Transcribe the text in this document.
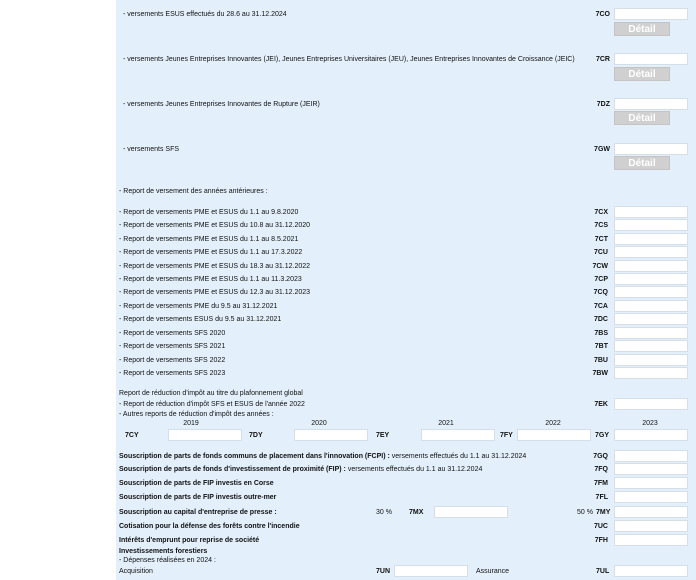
- versements ESUS effectués du 28.6 au 31.12.2024	7CO
Détail
- versements Jeunes Entreprises Innovantes (JEI), Jeunes Entreprises Universitaires (JEU), Jeunes Entreprises Innovantes de Croissance (JEIC)	7CR
Détail
- versements Jeunes Entreprises Innovantes de Rupture (JEIR)	7DZ
Détail
- versements SFS	7GW
Détail
- Report de versement des années antérieures :
- Report de versements PME et ESUS du 1.1 au 9.8.2020	7CX
- Report de versements PME et ESUS du 10.8 au 31.12.2020	7CS
- Report de versements PME et ESUS du 1.1 au 8.5.2021	7CT
- Report de versements PME et ESUS du 1.1 au 17.3.2022	7CU
- Report de versements PME et ESUS du 18.3 au 31.12.2022	7CW
- Report de versements PME et ESUS du 1.1 au 11.3.2023	7CP
- Report de versements PME et ESUS du 12.3 au 31.12.2023	7CQ
- Report de versements PME du 9.5 au 31.12.2021	7CA
- Report de versements ESUS du 9.5 au 31.12.2021	7DC
- Report de versements SFS 2020	7BS
- Report de versements SFS 2021	7BT
- Report de versements SFS 2022	7BU
- Report de versements SFS 2023	7BW
Report de réduction d'impôt au titre du plafonnement global
- Report de réduction d'impôt SFS et ESUS de l'année 2022	7EK
- Autres reports de réduction d'impôt des années :
2019	2020	2021	2022	2023
7CY	7DY	7EY	7FY	7GY
Souscription de parts de fonds communs de placement dans l'innovation (FCPI) : versements effectués du 1.1 au 31.12.2024	7GQ
Souscription de parts de fonds d'investissement de proximité (FIP) : versements effectués du 1.1 au 31.12.2024	7FQ
Souscription de parts de FIP investis en Corse	7FM
Souscription de parts de FIP investis outre-mer	7FL
Souscription au capital d'entreprise de presse :	30 % 7MX	50 % 7MY
Cotisation pour la défense des forêts contre l'incendie	7UC
Intérêts d'emprunt pour reprise de société	7FH
Investissements forestiers
- Dépenses réalisées en 2024 :
Acquisition	7UN	Assurance	7UL
